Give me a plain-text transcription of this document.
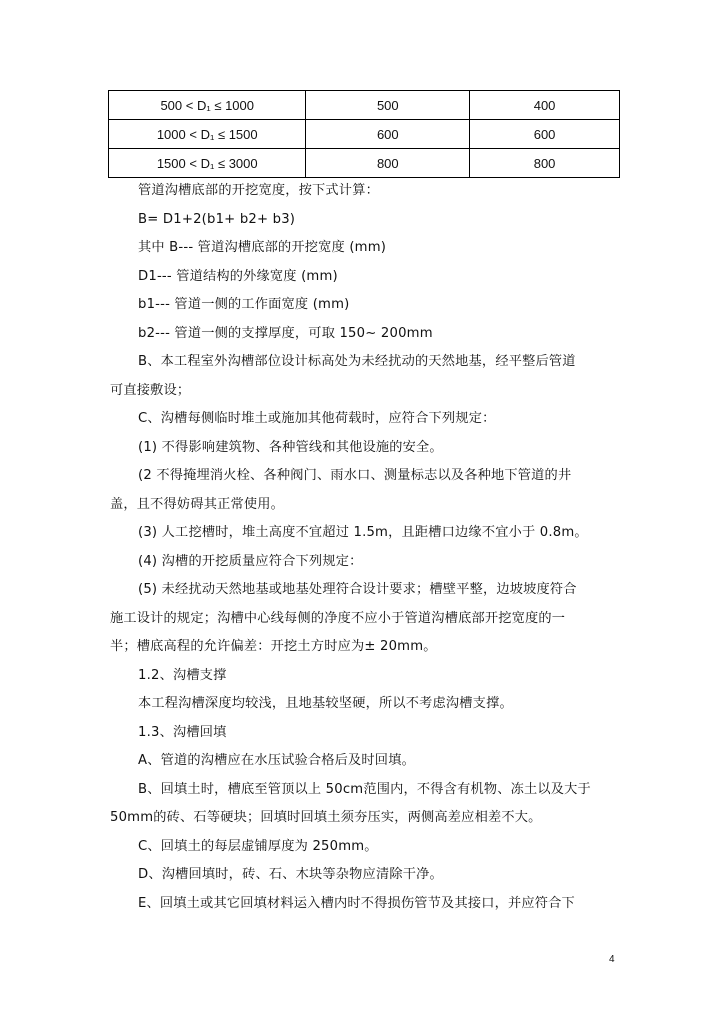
500 < D₁ ≤ 1000	500	400
1000 < D₁ ≤ 1500	600	600
1500 < D₁ ≤ 3000	800	800
管道沟槽底部的开挖宽度，按下式计算：
B= D1+2(b1+ b2+ b3)
其中 B--- 管道沟槽底部的开挖宽度 (mm)
D1--- 管道结构的外缘宽度 (mm)
b1--- 管道一侧的工作面宽度 (mm)
b2--- 管道一侧的支撑厚度，可取 150~ 200mm
B、本工程室外沟槽部位设计标高处为未经扰动的天然地基，经平整后管道
可直接敷设；
C、沟槽每侧临时堆土或施加其他荷载时，应符合下列规定：
(1) 不得影响建筑物、各种管线和其他设施的安全。
(2 不得掩埋消火栓、各种阀门、雨水口、测量标志以及各种地下管道的井
盖，且不得妨碍其正常使用。
(3) 人工挖槽时，堆土高度不宜超过 1.5m，且距槽口边缘不宜小于 0.8m。
(4) 沟槽的开挖质量应符合下列规定：
(5) 未经扰动天然地基或地基处理符合设计要求；槽壁平整，边坡坡度符合
施工设计的规定；沟槽中心线每侧的净度不应小于管道沟槽底部开挖宽度的一
半；槽底高程的允许偏差：开挖土方时应为± 20mm。
1.2、沟槽支撑
本工程沟槽深度均较浅，且地基较坚硬，所以不考虑沟槽支撑。
1.3、沟槽回填
A、管道的沟槽应在水压试验合格后及时回填。
B、回填土时，槽底至管顶以上 50cm范围内，不得含有机物、冻土以及大于
50mm的砖、石等硬块；回填时回填土须夯压实，两侧高差应相差不大。
C、回填土的每层虚铺厚度为 250mm。
D、沟槽回填时，砖、石、木块等杂物应清除干净。
E、回填土或其它回填材料运入槽内时不得损伤管节及其接口，并应符合下
4
